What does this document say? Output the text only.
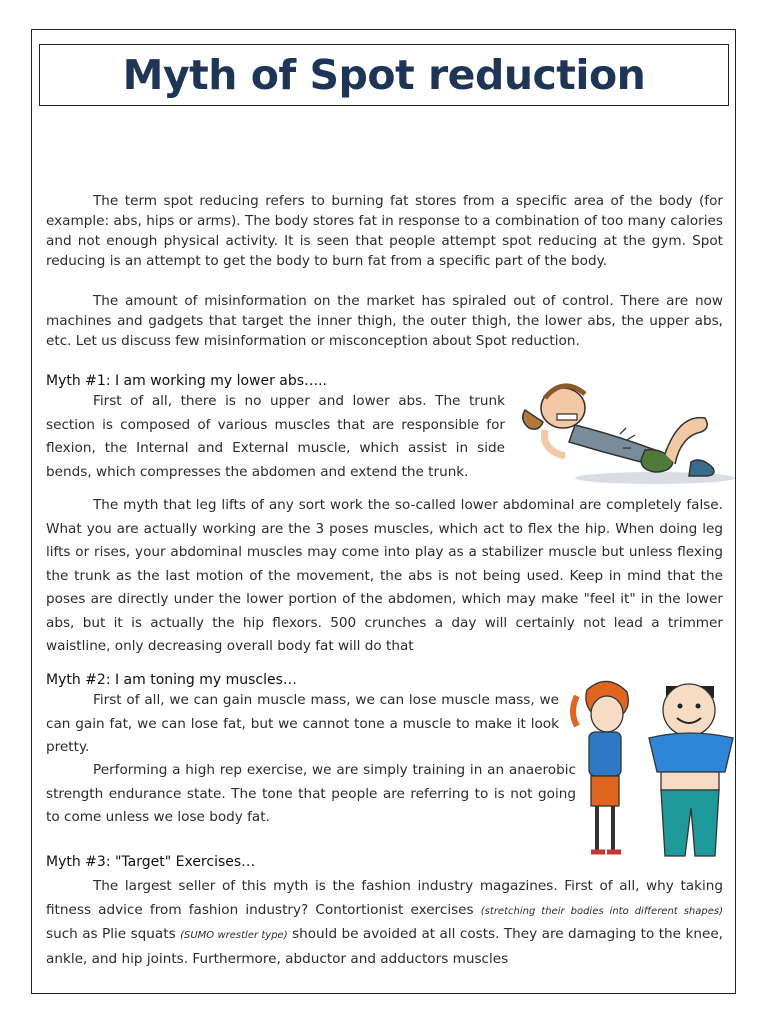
Myth of Spot reduction

The term spot reducing refers to burning fat stores from a specific area of the body (for example: abs, hips or arms). The body stores fat in response to a combination of too many calories and not enough physical activity. It is seen that people attempt spot reducing at the gym. Spot reducing is an attempt to get the body to burn fat from a specific part of the body.

The amount of misinformation on the market has spiraled out of control. There are now machines and gadgets that target the inner thigh, the outer thigh, the lower abs, the upper abs, etc. Let us discuss few misinformation or misconception about Spot reduction.

Myth #1: I am working my lower abs…..

First of all, there is no upper and lower abs. The trunk section is composed of various muscles that are responsible for flexion, the Internal and External muscle, which assist in side bends, which compresses the abdomen and extend the trunk.

The myth that leg lifts of any sort work the so-called lower abdominal are completely false. What you are actually working are the 3 poses muscles, which act to flex the hip. When doing leg lifts or rises, your abdominal muscles may come into play as a stabilizer muscle but unless flexing the trunk as the last motion of the movement, the abs is not being used. Keep in mind that the poses are directly under the lower portion of the abdomen, which may make "feel it" in the lower abs, but it is actually the hip flexors. 500 crunches a day will certainly not lead a trimmer waistline, only decreasing overall body fat will do that

Myth #2: I am toning my muscles…

First of all, we can gain muscle mass, we can lose muscle mass, we can gain fat, we can lose fat, but we cannot tone a muscle to make it look pretty.

Performing a high rep exercise, we are simply training in an anaerobic strength endurance state. The tone that people are referring to is not going to come unless we lose body fat.

Myth #3: "Target" Exercises…

The largest seller of this myth is the fashion industry magazines. First of all, why taking fitness advice from fashion industry? Contortionist exercises (stretching their bodies into different shapes) such as Plie squats (SUMO wrestler type) should be avoided at all costs. They are damaging to the knee, ankle, and hip joints. Furthermore, abductor and adductors muscles
